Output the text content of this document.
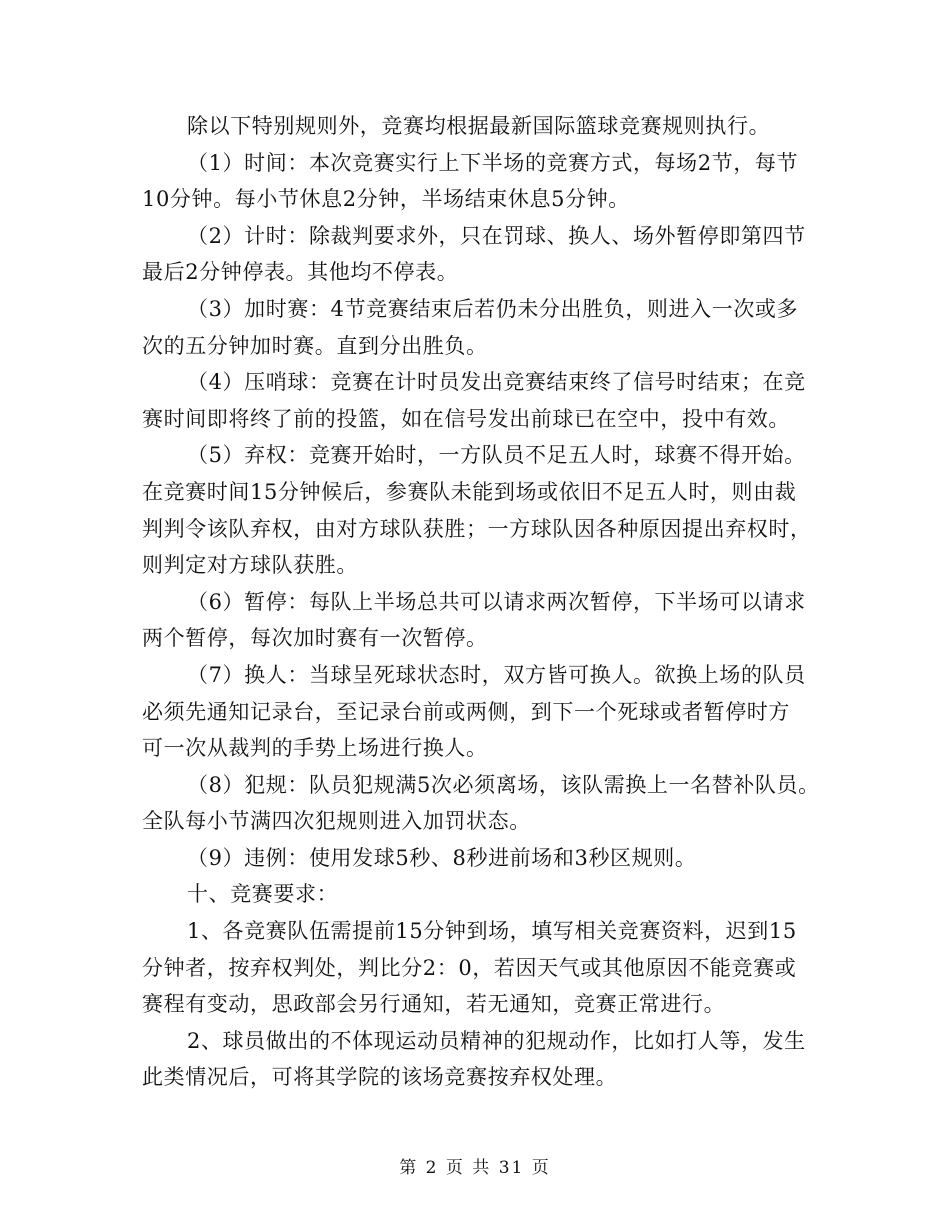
除以下特别规则外，竞赛均根据最新国际篮球竞赛规则执行。

（1）时间：本次竞赛实行上下半场的竞赛方式，每场2节，每节
10分钟。每小节休息2分钟，半场结束休息5分钟。

（2）计时：除裁判要求外，只在罚球、换人、场外暂停即第四节
最后2分钟停表。其他均不停表。

（3）加时赛：4节竞赛结束后若仍未分出胜负，则进入一次或多
次的五分钟加时赛。直到分出胜负。

（4）压哨球：竞赛在计时员发出竞赛结束终了信号时结束；在竞
赛时间即将终了前的投篮，如在信号发出前球已在空中，投中有效。

（5）弃权：竞赛开始时，一方队员不足五人时，球赛不得开始。
在竞赛时间15分钟候后，参赛队未能到场或依旧不足五人时，则由裁
判判令该队弃权，由对方球队获胜；一方球队因各种原因提出弃权时，
则判定对方球队获胜。

（6）暂停：每队上半场总共可以请求两次暂停，下半场可以请求
两个暂停，每次加时赛有一次暂停。

（7）换人：当球呈死球状态时，双方皆可换人。欲换上场的队员
必须先通知记录台，至记录台前或两侧，到下一个死球或者暂停时方
可一次从裁判的手势上场进行换人。

（8）犯规：队员犯规满5次必须离场，该队需换上一名替补队员。
全队每小节满四次犯规则进入加罚状态。

（9）违例：使用发球5秒、8秒进前场和3秒区规则。

十、竞赛要求：

1、各竞赛队伍需提前15分钟到场，填写相关竞赛资料，迟到15
分钟者，按弃权判处，判比分2：0，若因天气或其他原因不能竞赛或
赛程有变动，思政部会另行通知，若无通知，竞赛正常进行。

2、球员做出的不体现运动员精神的犯规动作，比如打人等，发生
此类情况后，可将其学院的该场竞赛按弃权处理。

第 2 页 共 31 页
